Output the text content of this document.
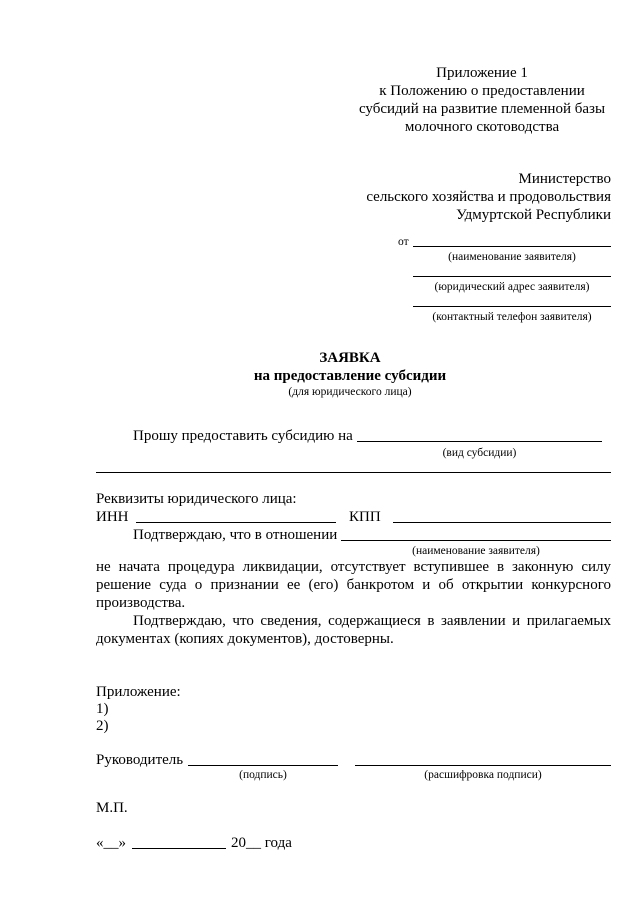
Приложение 1
к Положению о предоставлении
субсидий на развитие племенной базы
молочного скотоводства
Министерство
сельского хозяйства и продовольствия
Удмуртской Республики
от
(наименование заявителя)
(юридический адрес заявителя)
(контактный телефон заявителя)
ЗАЯВКА
на предоставление субсидии
(для юридического лица)
Прошу предоставить субсидию на
(вид субсидии)
Реквизиты юридического лица:
ИНН	КПП
Подтверждаю, что в отношении
(наименование заявителя)
не начата процедура ликвидации, отсутствует вступившее в законную силу
решение суда о признании ее (его) банкротом и об открытии конкурсного
производства.
Подтверждаю, что сведения, содержащиеся в заявлении и прилагаемых
документах (копиях документов), достоверны.
Приложение:
1)
2)
Руководитель
(подпись)	(расшифровка подписи)
М.П.
«__»	20__ года
